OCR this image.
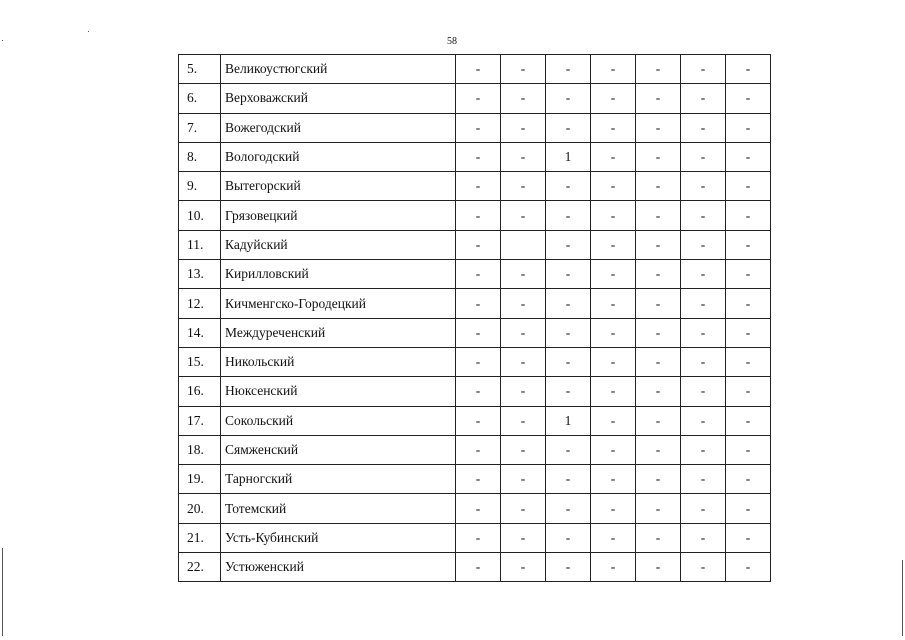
58
5.	Великоустюгский	-	-	-	-	-	-	-
6.	Верховажский	-	-	-	-	-	-	-
7.	Вожегодский	-	-	-	-	-	-	-
8.	Вологодский	-	-	1	-	-	-	-
9.	Вытегорский	-	-	-	-	-	-	-
10.	Грязовецкий	-	-	-	-	-	-	-
11.	Кадуйский	-		-	-	-	-	-
13.	Кирилловский	-	-	-	-	-	-	-
12.	Кичменгско-Городецкий	-	-	-	-	-	-	-
14.	Междуреченский	-	-	-	-	-	-	-
15.	Никольский	-	-	-	-	-	-	-
16.	Нюксенский	-	-	-	-	-	-	-
17.	Сокольский	-	-	1	-	-	-	-
18.	Сямженский	-	-	-	-	-	-	-
19.	Тарногский	-	-	-	-	-	-	-
20.	Тотемский	-	-	-	-	-	-	-
21.	Усть-Кубинский	-	-	-	-	-	-	-
22.	Устюженский	-	-	-	-	-	-	-
